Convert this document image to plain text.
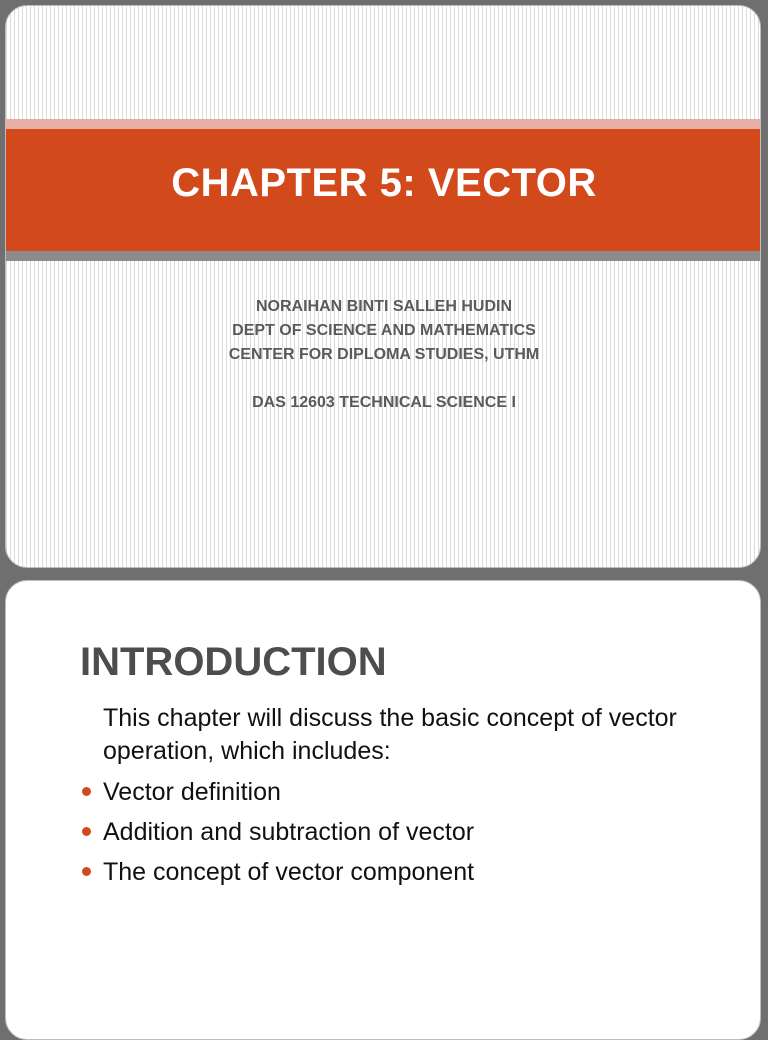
CHAPTER 5: VECTOR
NORAIHAN BINTI SALLEH HUDIN
DEPT OF SCIENCE AND MATHEMATICS
CENTER FOR DIPLOMA STUDIES, UTHM
DAS 12603 TECHNICAL SCIENCE I
INTRODUCTION
This chapter will discuss the basic concept of vector operation, which includes:
Vector definition
Addition and subtraction of vector
The concept of vector component
